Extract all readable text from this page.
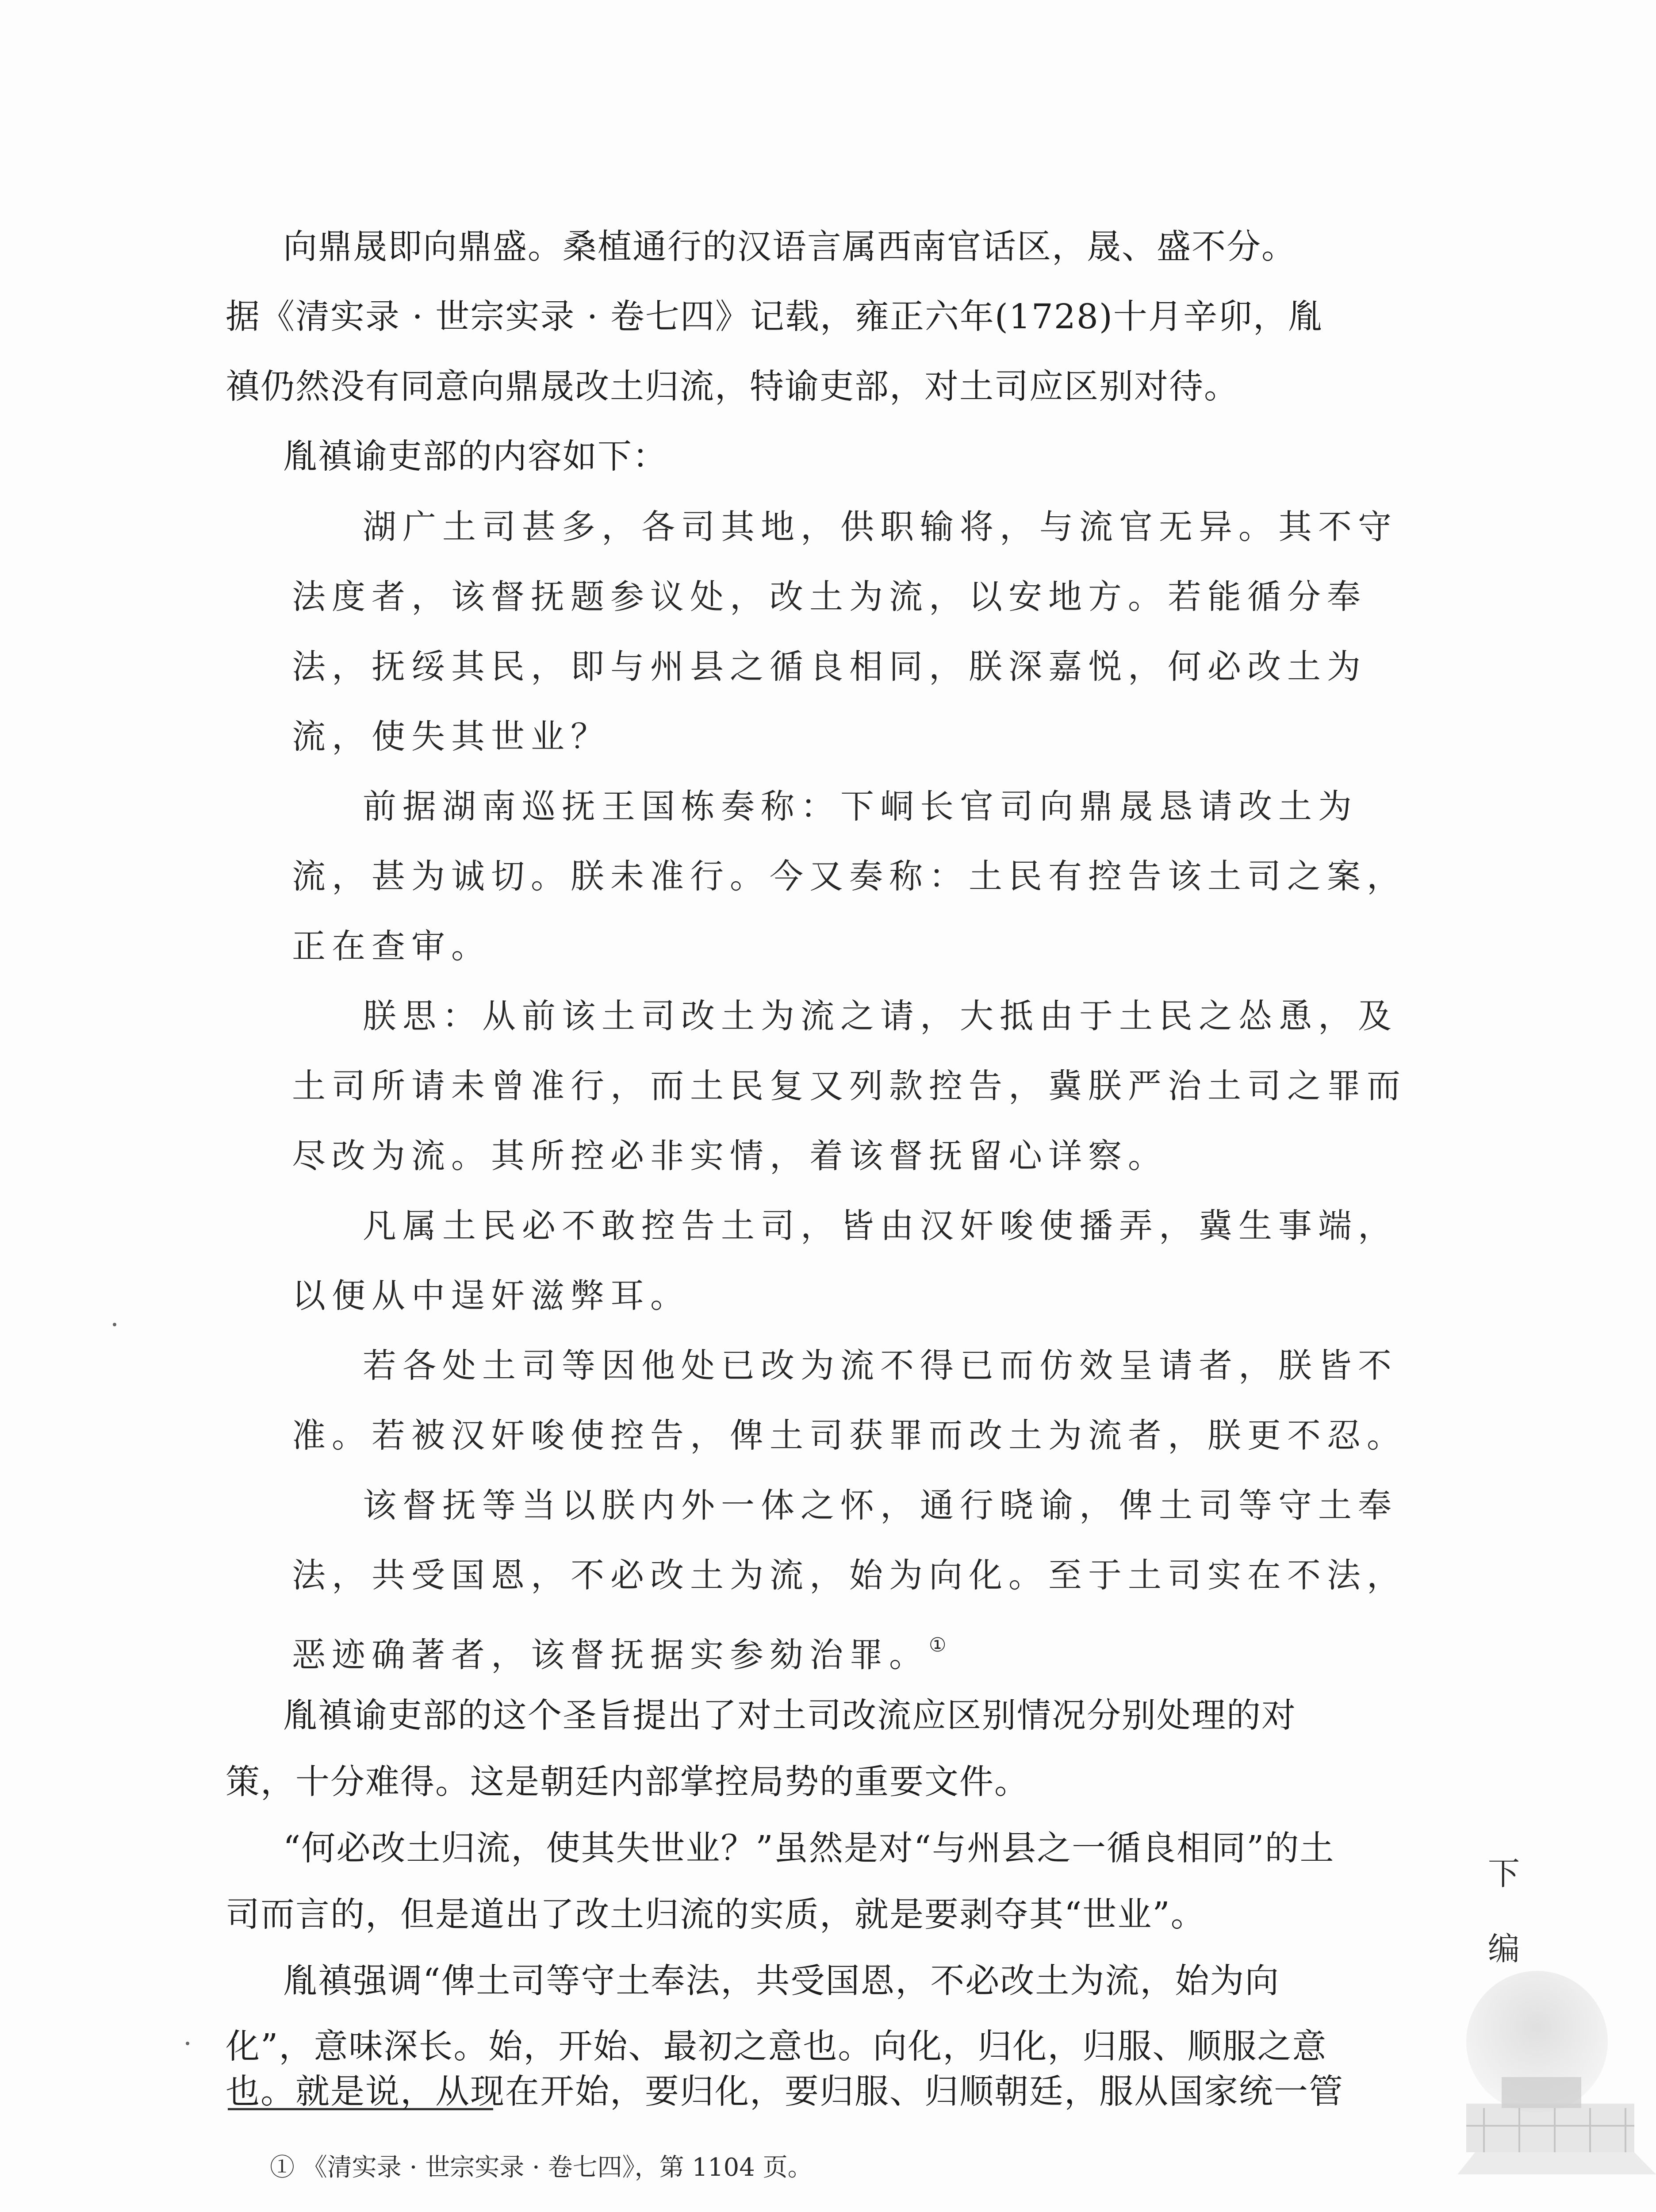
向鼎晟即向鼎盛。桑植通行的汉语言属西南官话区，晟、盛不分。
据《清实录 · 世宗实录 · 卷七四》记载，雍正六年(1728)十月辛卯，胤
禛仍然没有同意向鼎晟改土归流，特谕吏部，对土司应区别对待。
胤禛谕吏部的内容如下：
湖广土司甚多，各司其地，供职输将，与流官无异。其不守
法度者，该督抚题参议处，改土为流，以安地方。若能循分奉
法，抚绥其民，即与州县之循良相同，朕深嘉悦，何必改土为
流，使失其世业？
前据湖南巡抚王国栋奏称：下峒长官司向鼎晟恳请改土为
流，甚为诚切。朕未准行。今又奏称：土民有控告该土司之案，
正在查审。
朕思：从前该土司改土为流之请，大抵由于土民之怂恿，及
土司所请未曾准行，而土民复又列款控告，冀朕严治土司之罪而
尽改为流。其所控必非实情，着该督抚留心详察。
凡属土民必不敢控告土司，皆由汉奸唆使播弄，冀生事端，
以便从中逞奸滋弊耳。
若各处土司等因他处已改为流不得已而仿效呈请者，朕皆不
准。若被汉奸唆使控告，俾土司获罪而改土为流者，朕更不忍。
该督抚等当以朕内外一体之怀，通行晓谕，俾土司等守土奉
法，共受国恩，不必改土为流，始为向化。至于土司实在不法，
恶迹确著者，该督抚据实参劾治罪。①
胤禛谕吏部的这个圣旨提出了对土司改流应区别情况分别处理的对
策，十分难得。这是朝廷内部掌控局势的重要文件。
“何必改土归流，使其失世业？”虽然是对“与州县之一循良相同”的土
司而言的，但是道出了改土归流的实质，就是要剥夺其“世业”。
胤禛强调“俾土司等守土奉法，共受国恩，不必改土为流，始为向
化”，意味深长。始，开始、最初之意也。向化，归化，归服、顺服之意
① 《清实录 · 世宗实录 · 卷七四》，第 1104 页。
下
编
也。就是说，从现在开始，要归化，要归服、归顺朝廷，服从国家统一管
